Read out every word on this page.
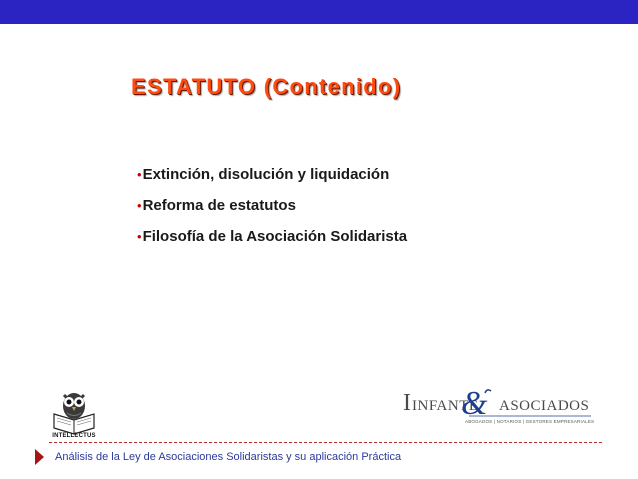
ESTATUTO (Contenido)
•Extinción, disolución y liquidación
•Reforma de estatutos
•Filosofía de la Asociación Solidarista
INTELLECTUS
I INFANTE
& ASOCIADOS
ABOGADOS | NOTARIOS | GESTORES EMPRESARIALES
Análisis de la Ley de Asociaciones Solidaristas y su aplicación Práctica
